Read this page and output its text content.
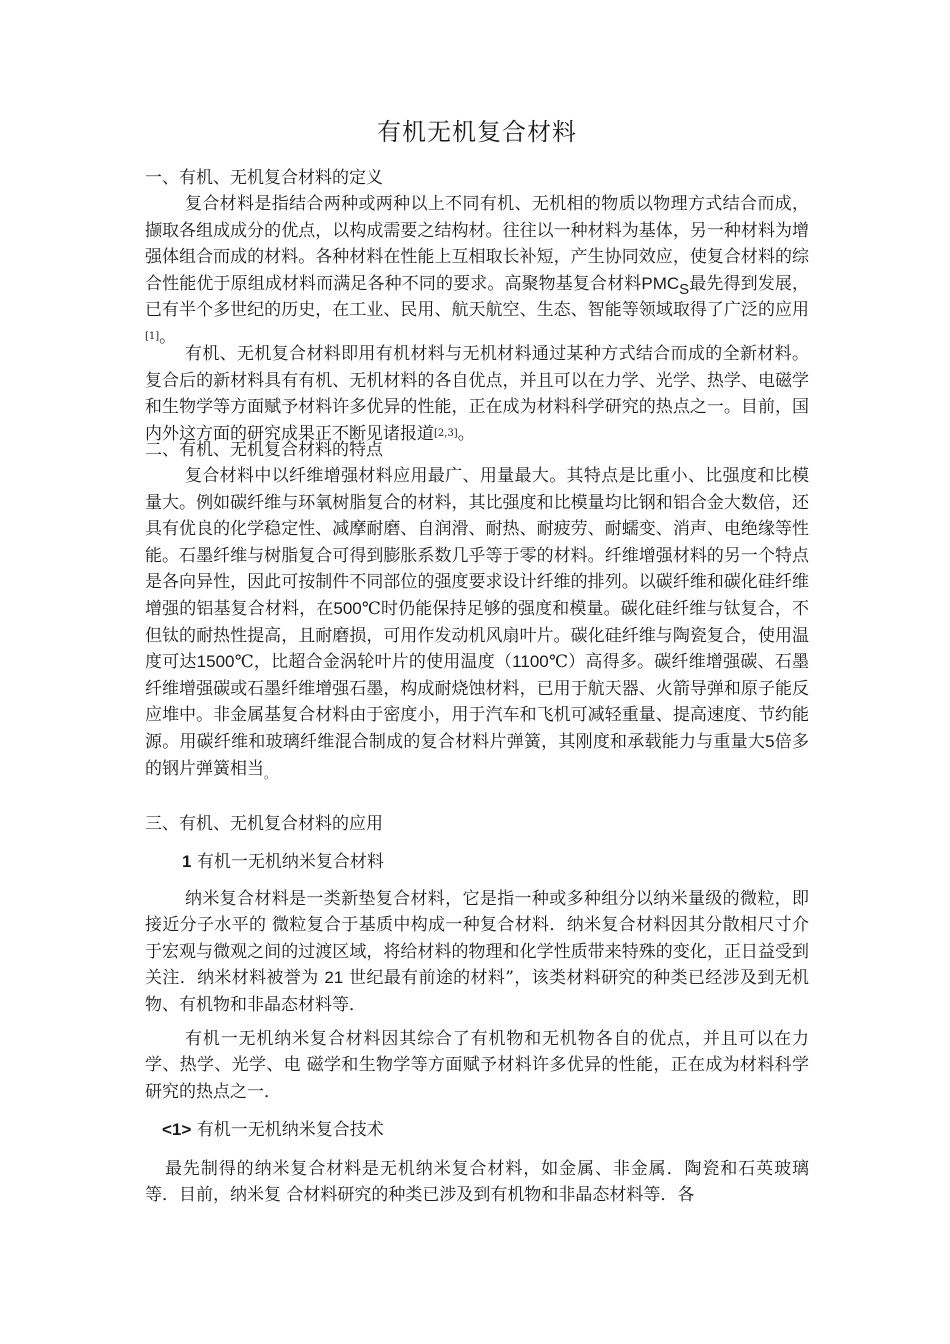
有机无机复合材料

一、有机、无机复合材料的定义

复合材料是指结合两种或两种以上不同有机、无机相的物质以物理方式结合而成，撷取各组成成分的优点，以构成需要之结构材。往往以一种材料为基体，另一种材料为增强体组合而成的材料。各种材料在性能上互相取长补短，产生协同效应，使复合材料的综合性能优于原组成材料而满足各种不同的要求。高聚物基复合材料$PMC_S$最先得到发展，已有半个多世纪的历史，在工业、民用、航天航空、生态、智能等领域取得了广泛的应用[1]。

有机、无机复合材料即用有机材料与无机材料通过某种方式结合而成的全新材料。复合后的新材料具有有机、无机材料的各自优点，并且可以在力学、光学、热学、电磁学和生物学等方面赋予材料许多优异的性能，正在成为材料科学研究的热点之一。目前，国内外这方面的研究成果正不断见诸报道[2,3]。

二、有机、无机复合材料的特点

复合材料中以纤维增强材料应用最广、用量最大。其特点是比重小、比强度和比模量大。例如碳纤维与环氧树脂复合的材料，其比强度和比模量均比钢和铝合金大数倍，还具有优良的化学稳定性、减摩耐磨、自润滑、耐热、耐疲劳、耐蠕变、消声、电绝缘等性能。石墨纤维与树脂复合可得到膨胀系数几乎等于零的材料。纤维增强材料的另一个特点是各向异性，因此可按制件不同部位的强度要求设计纤维的排列。以碳纤维和碳化硅纤维增强的铝基复合材料，在500℃时仍能保持足够的强度和模量。碳化硅纤维与钛复合，不但钛的耐热性提高，且耐磨损，可用作发动机风扇叶片。碳化硅纤维与陶瓷复合，使用温度可达1500℃，比超合金涡轮叶片的使用温度（1100℃）高得多。碳纤维增强碳、石墨纤维增强碳或石墨纤维增强石墨，构成耐烧蚀材料，已用于航天器、火箭导弹和原子能反应堆中。非金属基复合材料由于密度小，用于汽车和飞机可减轻重量、提高速度、节约能源。用碳纤维和玻璃纤维混合制成的复合材料片弹簧，其刚度和承载能力与重量大5倍多的钢片弹簧相当$_。$

三、有机、无机复合材料的应用

1 有机一无机纳米复合材料

纳米复合材料是一类新垫复合材料，它是指一种或多种组分以纳米量级的微粒，即接近分子水平的 微粒复合于基质中构成一种复合材料．纳米复合材料因其分散相尺寸介于宏观与微观之间的过渡区域，将给材料的物理和化学性质带来特殊的变化，正日益受到关注．纳米材料被誉为 21 世纪最有前途的材料”，该类材料研究的种类已经涉及到无机物、有机物和非晶态材料等．

有机一无机纳米复合材料因其综合了有机物和无机物各自的优点，并且可以在力学、热学、光学、电 磁学和生物学等方面赋予材料许多优异的性能，正在成为材料科学研究的热点之一．

<1> 有机一无机纳米复合技术

最先制得的纳米复合材料是无机纳米复合材料，如金属、非金属．陶瓷和石英玻璃等．目前，纳米复 合材料研究的种类已涉及到有机物和非晶态材料等．各
